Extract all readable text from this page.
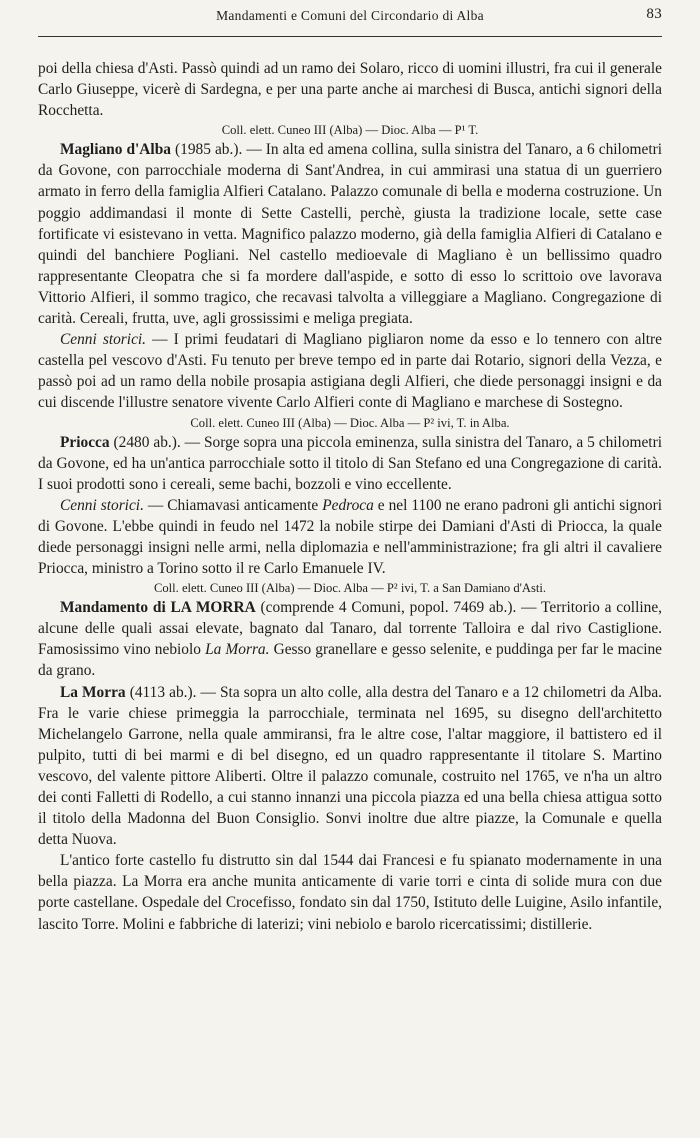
Mandamenti e Comuni del Circondario di Alba	83

poi della chiesa d'Asti. Passò quindi ad un ramo dei Solaro, ricco di uomini illustri, fra cui il generale Carlo Giuseppe, vicerè di Sardegna, e per una parte anche ai marchesi di Busca, antichi signori della Rocchetta.

Coll. elett. Cuneo III (Alba) — Dioc. Alba — P¹ T.

Magliano d'Alba (1985 ab.). — In alta ed amena collina, sulla sinistra del Tanaro, a 6 chilometri da Govone, con parrocchiale moderna di Sant'Andrea, in cui ammirasi una statua di un guerriero armato in ferro della famiglia Alfieri Catalano. Palazzo comunale di bella e moderna costruzione. Un poggio addimandasi il monte di Sette Castelli, perchè, giusta la tradizione locale, sette case fortificate vi esistevano in vetta. Magnifico palazzo moderno, già della famiglia Alfieri di Catalano e quindi del banchiere Pogliani. Nel castello medioevale di Magliano è un bellissimo quadro rappresentante Cleopatra che si fa mordere dall'aspide, e sotto di esso lo scrittoio ove lavorava Vittorio Alfieri, il sommo tragico, che recavasi talvolta a villeggiare a Magliano. Congregazione di carità. Cereali, frutta, uve, agli grossissimi e meliga pregiata.

Cenni storici. — I primi feudatari di Magliano pigliaron nome da esso e lo tennero con altre castella pel vescovo d'Asti. Fu tenuto per breve tempo ed in parte dai Rotario, signori della Vezza, e passò poi ad un ramo della nobile prosapia astigiana degli Alfieri, che diede personaggi insigni e da cui discende l'illustre senatore vivente Carlo Alfieri conte di Magliano e marchese di Sostegno.

Coll. elett. Cuneo III (Alba) — Dioc. Alba — P² ivi, T. in Alba.

Priocca (2480 ab.). — Sorge sopra una piccola eminenza, sulla sinistra del Tanaro, a 5 chilometri da Govone, ed ha un'antica parrocchiale sotto il titolo di San Stefano ed una Congregazione di carità. I suoi prodotti sono i cereali, seme bachi, bozzoli e vino eccellente.

Cenni storici. — Chiamavasi anticamente Pedroca e nel 1100 ne erano padroni gli antichi signori di Govone. L'ebbe quindi in feudo nel 1472 la nobile stirpe dei Damiani d'Asti di Priocca, la quale diede personaggi insigni nelle armi, nella diplomazia e nell'amministrazione; fra gli altri il cavaliere Priocca, ministro a Torino sotto il re Carlo Emanuele IV.

Coll. elett. Cuneo III (Alba) — Dioc. Alba — P² ivi, T. a San Damiano d'Asti.

Mandamento di LA MORRA (comprende 4 Comuni, popol. 7469 ab.). — Territorio a colline, alcune delle quali assai elevate, bagnato dal Tanaro, dal torrente Talloira e dal rivo Castiglione. Famosissimo vino nebiolo La Morra. Gesso granellare e gesso selenite, e puddinga per far le macine da grano.

La Morra (4113 ab.). — Sta sopra un alto colle, alla destra del Tanaro e a 12 chilometri da Alba. Fra le varie chiese primeggia la parrocchiale, terminata nel 1695, su disegno dell'architetto Michelangelo Garrone, nella quale ammiransi, fra le altre cose, l'altar maggiore, il battistero ed il pulpito, tutti di bei marmi e di bel disegno, ed un quadro rappresentante il titolare S. Martino vescovo, del valente pittore Aliberti. Oltre il palazzo comunale, costruito nel 1765, ve n'ha un altro dei conti Falletti di Rodello, a cui stanno innanzi una piccola piazza ed una bella chiesa attigua sotto il titolo della Madonna del Buon Consiglio. Sonvi inoltre due altre piazze, la Comunale e quella detta Nuova.

L'antico forte castello fu distrutto sin dal 1544 dai Francesi e fu spianato modernamente in una bella piazza. La Morra era anche munita anticamente di varie torri e cinta di solide mura con due porte castellane. Ospedale del Crocefisso, fondato sin dal 1750, Istituto delle Luigine, Asilo infantile, lascito Torre. Molini e fabbriche di laterizi; vini nebiolo e barolo ricercatissimi; distillerie.
